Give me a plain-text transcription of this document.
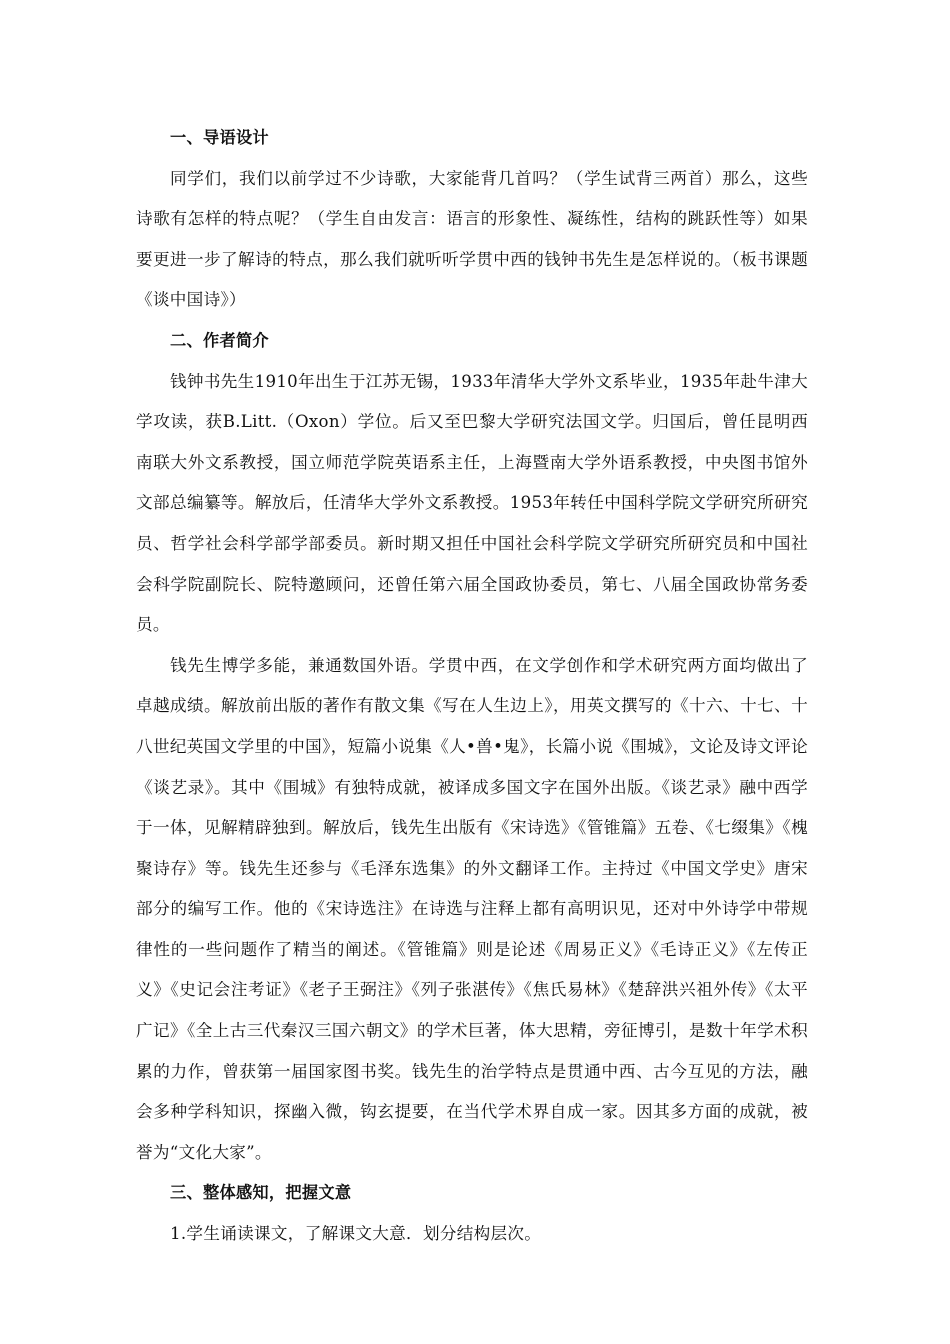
一、导语设计

同学们，我们以前学过不少诗歌，大家能背几首吗？（学生试背三两首）那么，这些诗歌有怎样的特点呢？（学生自由发言：语言的形象性、凝练性，结构的跳跃性等）如果要更进一步了解诗的特点，那么我们就听听学贯中西的钱钟书先生是怎样说的。（板书课题《谈中国诗》）

二、作者简介

钱钟书先生1910年出生于江苏无锡，1933年清华大学外文系毕业，1935年赴牛津大学攻读，获B.Litt.（Oxon）学位。后又至巴黎大学研究法国文学。归国后，曾任昆明西南联大外文系教授，国立师范学院英语系主任，上海暨南大学外语系教授，中央图书馆外文部总编纂等。解放后，任清华大学外文系教授。1953年转任中国科学院文学研究所研究员、哲学社会科学部学部委员。新时期又担任中国社会科学院文学研究所研究员和中国社会科学院副院长、院特邀顾问，还曾任第六届全国政协委员，第七、八届全国政协常务委员。

钱先生博学多能，兼通数国外语。学贯中西，在文学创作和学术研究两方面均做出了卓越成绩。解放前出版的著作有散文集《写在人生边上》，用英文撰写的《十六、十七、十八世纪英国文学里的中国》，短篇小说集《人•兽•鬼》，长篇小说《围城》，文论及诗文评论《谈艺录》。其中《围城》有独特成就，被译成多国文字在国外出版。《谈艺录》融中西学于一体，见解精辟独到。解放后，钱先生出版有《宋诗选》《管锥篇》五卷、《七缀集》《槐聚诗存》等。钱先生还参与《毛泽东选集》的外文翻译工作。主持过《中国文学史》唐宋部分的编写工作。他的《宋诗选注》在诗选与注释上都有高明识见，还对中外诗学中带规律性的一些问题作了精当的阐述。《管锥篇》则是论述《周易正义》《毛诗正义》《左传正义》《史记会注考证》《老子王弼注》《列子张湛传》《焦氏易林》《楚辞洪兴祖外传》《太平广记》《全上古三代秦汉三国六朝文》的学术巨著，体大思精，旁征博引，是数十年学术积累的力作，曾获第一届国家图书奖。钱先生的治学特点是贯通中西、古今互见的方法，融会多种学科知识，探幽入微，钩玄提要，在当代学术界自成一家。因其多方面的成就，被誉为“文化大家”。

三、整体感知，把握文意

1.学生诵读课文，了解课文大意．划分结构层次。
